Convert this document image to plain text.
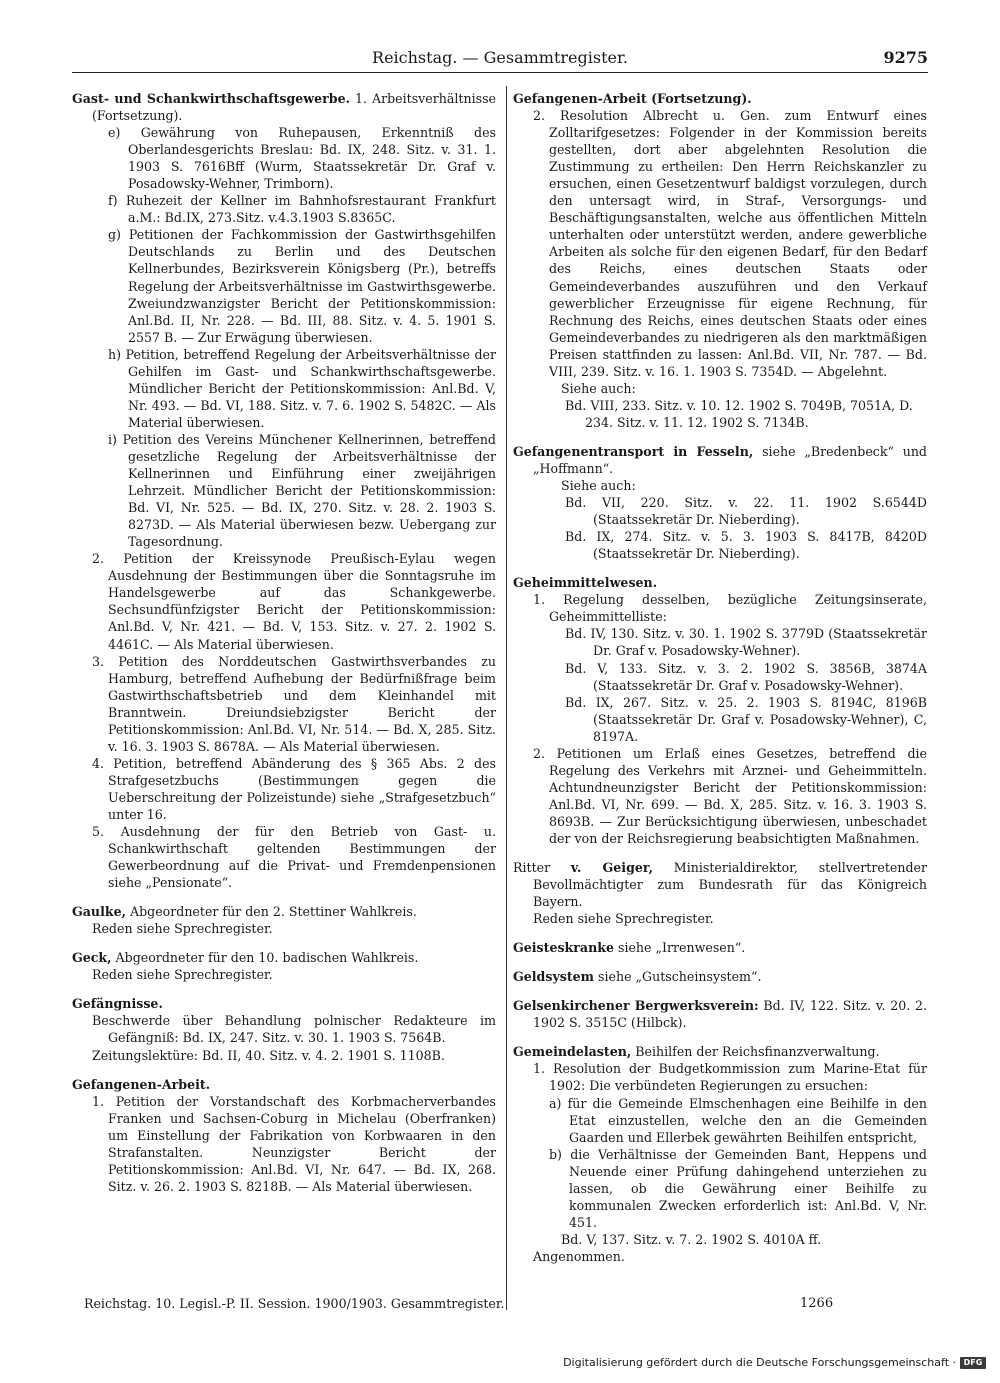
Reichstag. — Gesammtregister.	9275

Gast- und Schankwirthschaftsgewerbe. 1. Arbeitsverhältnisse (Fortsetzung).

e) Gewährung von Ruhepausen, Erkenntniß des Oberlandesgerichts Breslau: Bd. IX, 248. Sitz. v. 31. 1. 1903 S. 7616Bff (Wurm, Staatssekretär Dr. Graf v. Posadowsky-Wehner, Trimborn).

f) Ruhezeit der Kellner im Bahnhofsrestaurant Frankfurt a.M.: Bd.IX, 273.Sitz. v.4.3.1903 S.8365C.

g) Petitionen der Fachkommission der Gastwirthsgehilfen Deutschlands zu Berlin und des Deutschen Kellnerbundes, Bezirksverein Königsberg (Pr.), betreffs Regelung der Arbeitsverhältnisse im Gastwirthsgewerbe. Zweiundzwanzigster Bericht der Petitionskommission: Anl.Bd. II, Nr. 228. — Bd. III, 88. Sitz. v. 4. 5. 1901 S. 2557 B. — Zur Erwägung überwiesen.

h) Petition, betreffend Regelung der Arbeitsverhältnisse der Gehilfen im Gast- und Schankwirthschaftsgewerbe. Mündlicher Bericht der Petitionskommission: Anl.Bd. V, Nr. 493. — Bd. VI, 188. Sitz. v. 7. 6. 1902 S. 5482C. — Als Material überwiesen.

i) Petition des Vereins Münchener Kellnerinnen, betreffend gesetzliche Regelung der Arbeitsverhältnisse der Kellnerinnen und Einführung einer zweijährigen Lehrzeit. Mündlicher Bericht der Petitionskommission: Bd. VI, Nr. 525. — Bd. IX, 270. Sitz. v. 28. 2. 1903 S. 8273D. — Als Material überwiesen bezw. Uebergang zur Tagesordnung.

2. Petition der Kreissynode Preußisch-Eylau wegen Ausdehnung der Bestimmungen über die Sonntagsruhe im Handelsgewerbe auf das Schankgewerbe. Sechsundfünfzigster Bericht der Petitionskommission: Anl.Bd. V, Nr. 421. — Bd. V, 153. Sitz. v. 27. 2. 1902 S. 4461C. — Als Material überwiesen.

3. Petition des Norddeutschen Gastwirthsverbandes zu Hamburg, betreffend Aufhebung der Bedürfnißfrage beim Gastwirthschaftsbetrieb und dem Kleinhandel mit Branntwein. Dreiundsiebzigster Bericht der Petitionskommission: Anl.Bd. VI, Nr. 514. — Bd. X, 285. Sitz. v. 16. 3. 1903 S. 8678A. — Als Material überwiesen.

4. Petition, betreffend Abänderung des § 365 Abs. 2 des Strafgesetzbuchs (Bestimmungen gegen die Ueberschreitung der Polizeistunde) siehe „Strafgesetzbuch“ unter 16.

5. Ausdehnung der für den Betrieb von Gast- u. Schankwirthschaft geltenden Bestimmungen der Gewerbeordnung auf die Privat- und Fremdenpensionen siehe „Pensionate“.

Gaulke, Abgeordneter für den 2. Stettiner Wahlkreis.

Reden siehe Sprechregister.

Geck, Abgeordneter für den 10. badischen Wahlkreis.

Reden siehe Sprechregister.

Gefängnisse.

Beschwerde über Behandlung polnischer Redakteure im Gefängniß: Bd. IX, 247. Sitz. v. 30. 1. 1903 S. 7564B.

Zeitungslektüre: Bd. II, 40. Sitz. v. 4. 2. 1901 S. 1108B.

Gefangenen-Arbeit.

1. Petition der Vorstandschaft des Korbmacherverbandes Franken und Sachsen-Coburg in Michelau (Oberfranken) um Einstellung der Fabrikation von Korbwaaren in den Strafanstalten. Neunzigster Bericht der Petitionskommission: Anl.Bd. VI, Nr. 647. — Bd. IX, 268. Sitz. v. 26. 2. 1903 S. 8218B. — Als Material überwiesen.

Gefangenen-Arbeit (Fortsetzung).

2. Resolution Albrecht u. Gen. zum Entwurf eines Zolltarifgesetzes: Folgender in der Kommission bereits gestellten, dort aber abgelehnten Resolution die Zustimmung zu ertheilen: Den Herrn Reichskanzler zu ersuchen, einen Gesetzentwurf baldigst vorzulegen, durch den untersagt wird, in Straf-, Versorgungs- und Beschäftigungsanstalten, welche aus öffentlichen Mitteln unterhalten oder unterstützt werden, andere gewerbliche Arbeiten als solche für den eigenen Bedarf, für den Bedarf des Reichs, eines deutschen Staats oder Gemeindeverbandes auszuführen und den Verkauf gewerblicher Erzeugnisse für eigene Rechnung, für Rechnung des Reichs, eines deutschen Staats oder eines Gemeindeverbandes zu niedrigeren als den marktmäßigen Preisen stattfinden zu lassen: Anl.Bd. VII, Nr. 787. — Bd. VIII, 239. Sitz. v. 16. 1. 1903 S. 7354D. — Abgelehnt.

Siehe auch:

Bd. VIII, 233. Sitz. v. 10. 12. 1902 S. 7049B, 7051A, D.

234. Sitz. v. 11. 12. 1902 S. 7134B.

Gefangenentransport in Fesseln, siehe „Bredenbeck“ und „Hoffmann“.

Siehe auch:

Bd. VII, 220. Sitz. v. 22. 11. 1902 S.6544D (Staatssekretär Dr. Nieberding).

Bd. IX, 274. Sitz. v. 5. 3. 1903 S. 8417B, 8420D (Staatssekretär Dr. Nieberding).

Geheimmittelwesen.

1. Regelung desselben, bezügliche Zeitungsinserate, Geheimmittelliste:

Bd. IV, 130. Sitz. v. 30. 1. 1902 S. 3779D (Staatssekretär Dr. Graf v. Posadowsky-Wehner).

Bd. V, 133. Sitz. v. 3. 2. 1902 S. 3856B, 3874A (Staatssekretär Dr. Graf v. Posadowsky-Wehner).

Bd. IX, 267. Sitz. v. 25. 2. 1903 S. 8194C, 8196B (Staatssekretär Dr. Graf v. Posadowsky-Wehner), C, 8197A.

2. Petitionen um Erlaß eines Gesetzes, betreffend die Regelung des Verkehrs mit Arznei- und Geheimmitteln. Achtundneunzigster Bericht der Petitionskommission: Anl.Bd. VI, Nr. 699. — Bd. X, 285. Sitz. v. 16. 3. 1903 S. 8693B. — Zur Berücksichtigung überwiesen, unbeschadet der von der Reichsregierung beabsichtigten Maßnahmen.

Ritter v. Geiger, Ministerialdirektor, stellvertretender Bevollmächtigter zum Bundesrath für das Königreich Bayern.

Reden siehe Sprechregister.

Geisteskranke siehe „Irrenwesen“.

Geldsystem siehe „Gutscheinsystem“.

Gelsenkirchener Bergwerksverein: Bd. IV, 122. Sitz. v. 20. 2. 1902 S. 3515C (Hilbck).

Gemeindelasten, Beihilfen der Reichsfinanzverwaltung.

1. Resolution der Budgetkommission zum Marine-Etat für 1902: Die verbündeten Regierungen zu ersuchen:

a) für die Gemeinde Elmschenhagen eine Beihilfe in den Etat einzustellen, welche den an die Gemeinden Gaarden und Ellerbek gewährten Beihilfen entspricht,

b) die Verhältnisse der Gemeinden Bant, Heppens und Neuende einer Prüfung dahingehend unterziehen zu lassen, ob die Gewährung einer Beihilfe zu kommunalen Zwecken erforderlich ist: Anl.Bd. V, Nr. 451.

Bd. V, 137. Sitz. v. 7. 2. 1902 S. 4010A ff.

Angenommen.

Reichstag. 10. Legisl.-P. II. Session. 1900/1903. Gesammtregister.	1266
Digitalisierung gefördert durch die Deutsche Forschungsgemeinschaft · DFG
